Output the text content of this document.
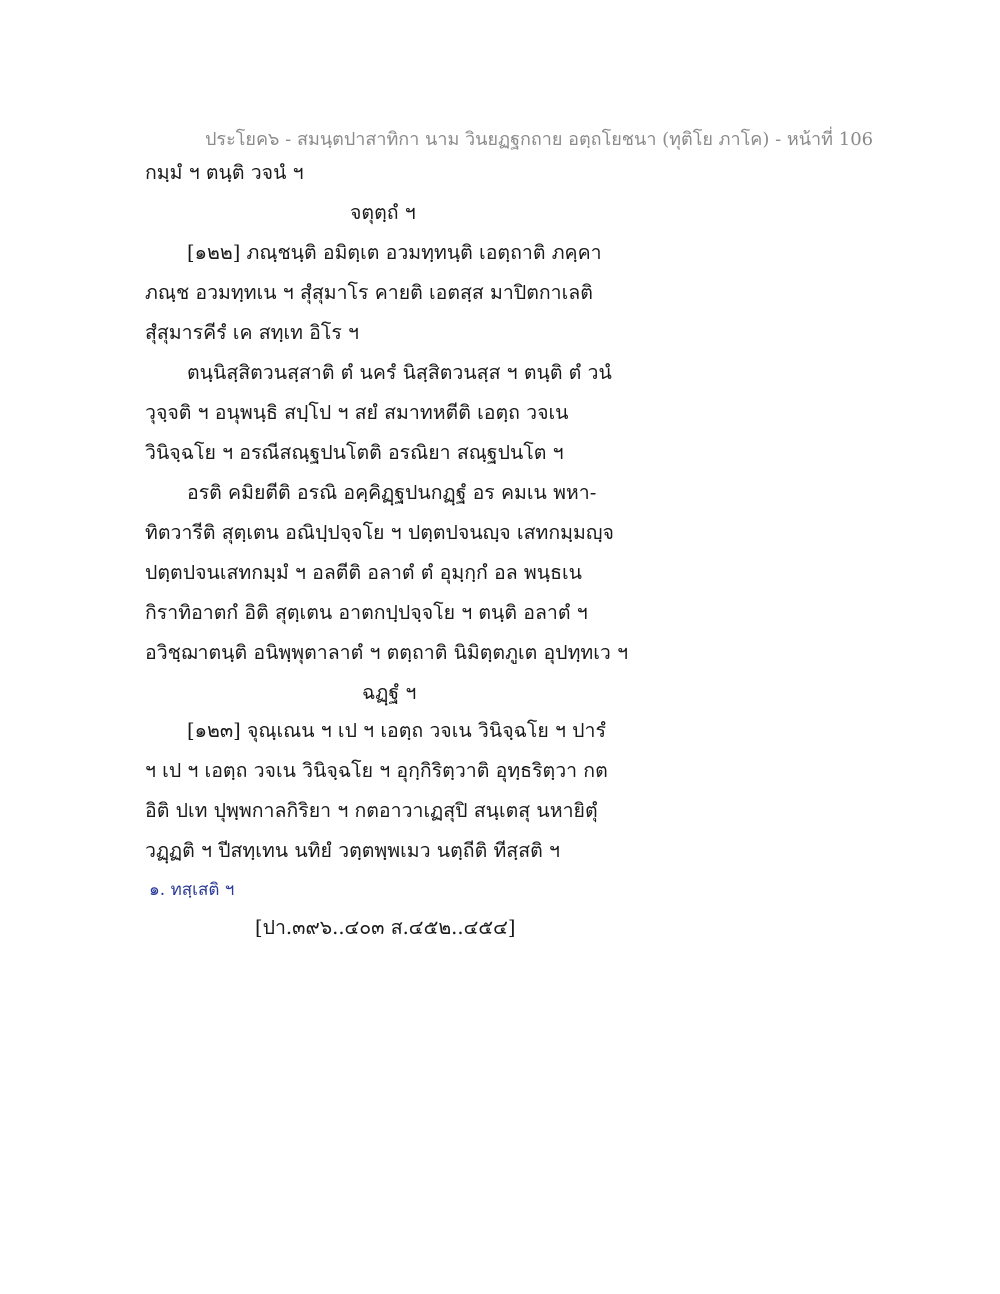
ประโยค๖ - สมนฺตปาสาทิกา นาม วินยฏฐกถาย อตฺถโยชนา (ทุติโย ภาโค) - หน้าที่ 106
กมฺมํ ฯ ตนฺติ วจนํ ฯ
จตุตฺถํ ฯ
[๑๒๒] ภณฺชนฺติ อมิตฺเต อวมทฺทนฺติ เอตฺถาติ ภคฺคา
ภณฺช อวมทฺทเน ฯ สุํสุมาโร คายติ เอตสฺส มาปิตกาเลติ
สุํสุมารคีรํ เค สทฺเท อิโร ฯ
ตนฺนิสฺสิตวนสฺสาติ ตํ นครํ นิสฺสิตวนสฺส ฯ ตนฺติ ตํ วนํ
วุจฺจติ ฯ อนุพนฺธิ สปฺโป ฯ สยํ สมาทหตีติ เอตฺถ วจเน
วินิจฺฉโย ฯ อรณีสณฺฐปนโตติ อรณิยา สณฺฐปนโต ฯ
อรติ คมิยตีติ อรณิ อคฺคิฏฺฐปนกฏฺฐํ อร คมเน พหา-
ทิตวารีติ สุตฺเตน อณิปฺปจฺจโย ฯ ปตฺตปจนญฺจ เสทกมฺมญฺจ
ปตฺตปจนเสทกมฺมํ ฯ อลตีติ อลาตํ ตํ อุมฺกฺกํ อล พนฺธเน
กิราทิอาตกํ อิติ สุตฺเตน อาตกปฺปจฺจโย ฯ ตนฺติ อลาตํ ฯ
อวิชฺฌาตนฺติ อนิพฺพุตาลาตํ ฯ ตตฺถาติ นิมิตฺตภูเต อุปทฺทเว ฯ
ฉฏฺฐํ ฯ
[๑๒๓] จุณฺเณน ฯ เป ฯ เอตฺถ วจเน วินิจฺฉโย ฯ ปารํ
ฯ เป ฯ เอตฺถ วจเน วินิจฺฉโย ฯ อุกฺกิริตฺวาติ อุทฺธริตฺวา กต
อิติ ปเท ปุพฺพกาลกิริยา ฯ กตอาวาเฏสุปิ สนฺเตสุ นหายิตุํ
วฏฺฏติ ฯ ปีสทฺเทน นทิยํ วตฺตพฺพเมว นตฺถีติ ทีสฺสติ ฯ
๑. ทสฺเสติ ฯ
[ปา.๓๙๖..๔๐๓ ส.๔๕๒..๔๕๔]
